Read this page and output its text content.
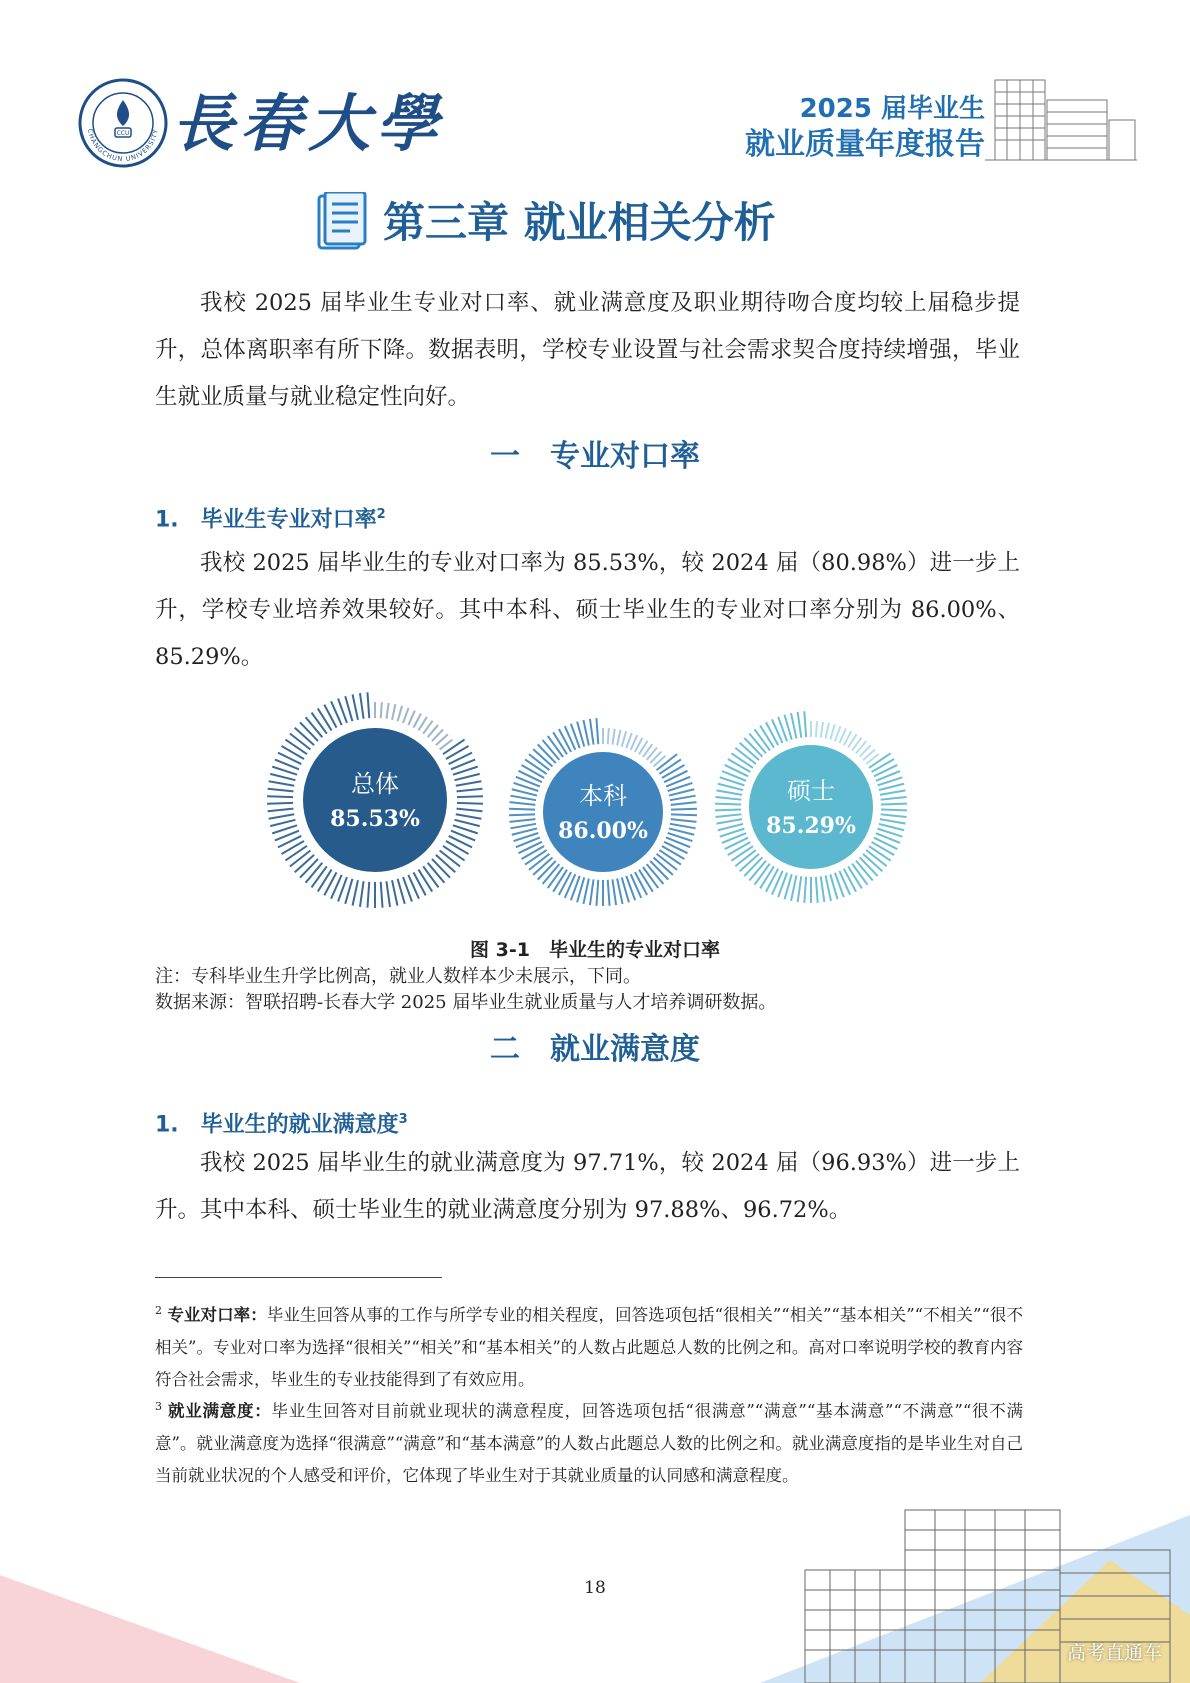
CCU
CHANGCHUN UNIVERSITY 長春大學	2025 届毕业生
就业质量年度报告
第三章 就业相关分析

我校 2025 届毕业生专业对口率、就业满意度及职业期待吻合度均较上届稳步提升，总体离职率有所下降。数据表明，学校专业设置与社会需求契合度持续增强，毕业生就业质量与就业稳定性向好。

一　专业对口率
1.　毕业生专业对口率$^2$

我校 2025 届毕业生的专业对口率为 85.53%，较 2024 届（80.98%）进一步上升，学校专业培养效果较好。其中本科、硕士毕业生的专业对口率分别为 86.00%、85.29%。

总体
85.53%
本科
86.00%
硕士
85.29%
图 3-1　毕业生的专业对口率
注：专科毕业生升学比例高，就业人数样本少未展示，下同。
数据来源：智联招聘-长春大学 2025 届毕业生就业质量与人才培养调研数据。
二　就业满意度
1.　毕业生的就业满意度$^3$

我校 2025 届毕业生的就业满意度为 97.71%，较 2024 届（96.93%）进一步上升。其中本科、硕士毕业生的就业满意度分别为 97.88%、96.72%。

$^2$ 专业对口率：毕业生回答从事的工作与所学专业的相关程度，回答选项包括“很相关”“相关”“基本相关”“不相关”“很不相关”。专业对口率为选择“很相关”“相关”和“基本相关”的人数占此题总人数的比例之和。高对口率说明学校的教育内容符合社会需求，毕业生的专业技能得到了有效应用。
$^3$ 就业满意度：毕业生回答对目前就业现状的满意程度，回答选项包括“很满意”“满意”“基本满意”“不满意”“很不满意”。就业满意度为选择“很满意”“满意”和“基本满意”的人数占此题总人数的比例之和。就业满意度指的是毕业生对自己当前就业状况的个人感受和评价，它体现了毕业生对于其就业质量的认同感和满意程度。
18
高考直通车
